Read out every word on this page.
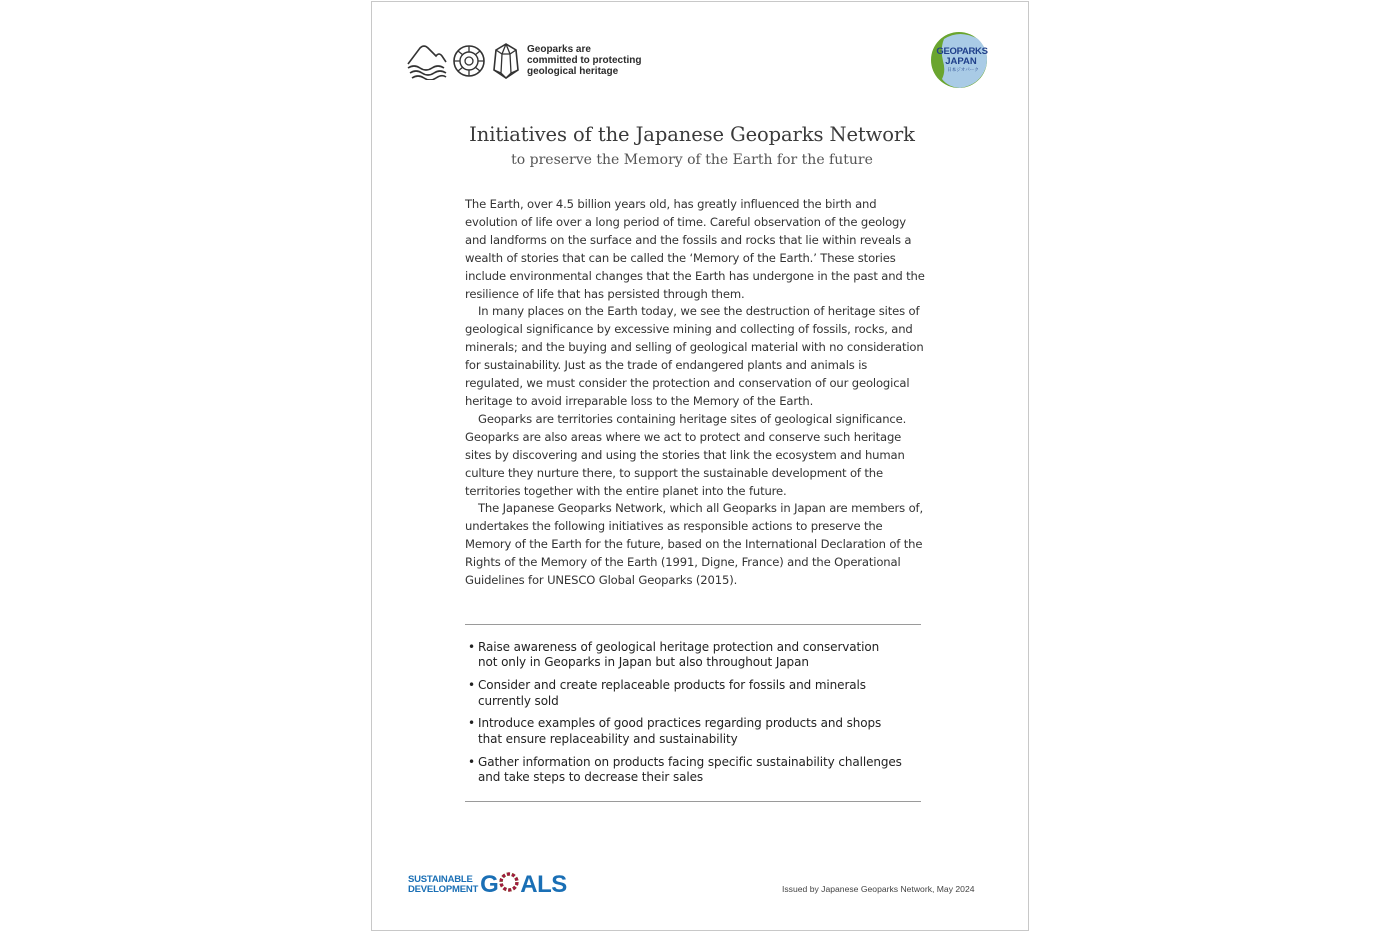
Geoparks are
committed to protecting
geological heritage
GEOPARKS
JAPAN
日本ジオパーク
Initiatives of the Japanese Geoparks Network
to preserve the Memory of the Earth for the future

The Earth, over 4.5 billion years old, has greatly influenced the birth and evolution of life over a long period of time. Careful observation of the geology and landforms on the surface and the fossils and rocks that lie within reveals a wealth of stories that can be called the ‘Memory of the Earth.’ These stories include environmental changes that the Earth has undergone in the past and the resilience of life that has persisted through them.

In many places on the Earth today, we see the destruction of heritage sites of geological significance by excessive mining and collecting of fossils, rocks, and minerals; and the buying and selling of geological material with no consideration for sustainability. Just as the trade of endangered plants and animals is regulated, we must consider the protection and conservation of our geological heritage to avoid irreparable loss to the Memory of the Earth.

Geoparks are territories containing heritage sites of geological significance. Geoparks are also areas where we act to protect and conserve such heritage sites by discovering and using the stories that link the ecosystem and human culture they nurture there, to support the sustainable development of the territories together with the entire planet into the future.

The Japanese Geoparks Network, which all Geoparks in Japan are members of, undertakes the following initiatives as responsible actions to preserve the Memory of the Earth for the future, based on the International Declaration of the Rights of the Memory of the Earth (1991, Digne, France) and the Operational Guidelines for UNESCO Global Geoparks (2015).

• Raise awareness of geological heritage protection and conservation
not only in Geoparks in Japan but also throughout Japan
• Consider and create replaceable products for fossils and minerals
currently sold
• Introduce examples of good practices regarding products and shops
that ensure replaceability and sustainability
• Gather information on products facing specific sustainability challenges
and take steps to decrease their sales
SUSTAINABLE
DEVELOPMENT G ALS	Issued by Japanese Geoparks Network, May 2024
